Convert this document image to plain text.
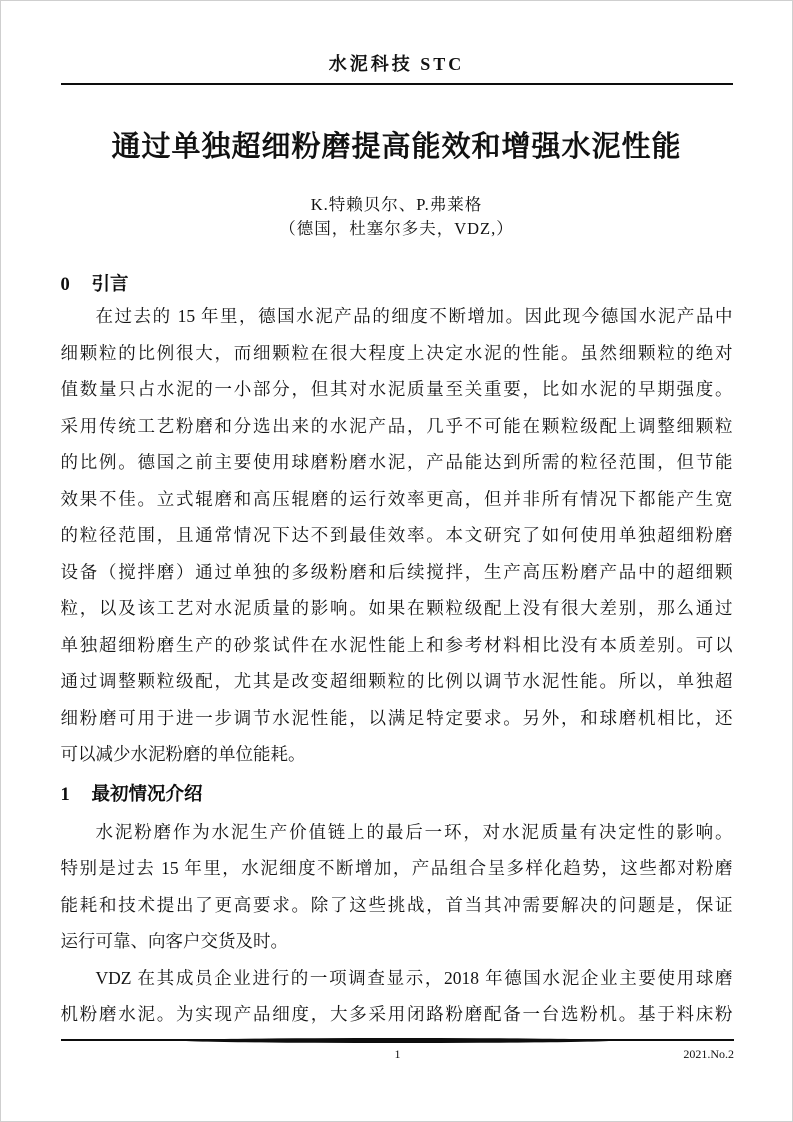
水泥科技 STC
通过单独超细粉磨提高能效和增强水泥性能
K.特赖贝尔、P.弗莱格
（德国，杜塞尔多夫，VDZ,）
0 引言
在过去的 15 年里，德国水泥产品的细度不断增加。因此现今德国水泥产品中
细颗粒的比例很大，而细颗粒在很大程度上决定水泥的性能。虽然细颗粒的绝对
值数量只占水泥的一小部分，但其对水泥质量至关重要，比如水泥的早期强度。
采用传统工艺粉磨和分选出来的水泥产品，几乎不可能在颗粒级配上调整细颗粒
的比例。德国之前主要使用球磨粉磨水泥，产品能达到所需的粒径范围，但节能
效果不佳。立式辊磨和高压辊磨的运行效率更高，但并非所有情况下都能产生宽
的粒径范围，且通常情况下达不到最佳效率。本文研究了如何使用单独超细粉磨
设备（搅拌磨）通过单独的多级粉磨和后续搅拌，生产高压粉磨产品中的超细颗
粒，以及该工艺对水泥质量的影响。如果在颗粒级配上没有很大差别，那么通过
单独超细粉磨生产的砂浆试件在水泥性能上和参考材料相比没有本质差别。可以
通过调整颗粒级配，尤其是改变超细颗粒的比例以调节水泥性能。所以，单独超
细粉磨可用于进一步调节水泥性能，以满足特定要求。另外，和球磨机相比，还
可以减少水泥粉磨的单位能耗。
1 最初情况介绍
水泥粉磨作为水泥生产价值链上的最后一环，对水泥质量有决定性的影响。
特别是过去 15 年里，水泥细度不断增加，产品组合呈多样化趋势，这些都对粉磨
能耗和技术提出了更高要求。除了这些挑战，首当其冲需要解决的问题是，保证
运行可靠、向客户交货及时。
VDZ 在其成员企业进行的一项调查显示，2018 年德国水泥企业主要使用球磨
机粉磨水泥。为实现产品细度，大多采用闭路粉磨配备一台选粉机。基于料床粉
1	2021.No.2
